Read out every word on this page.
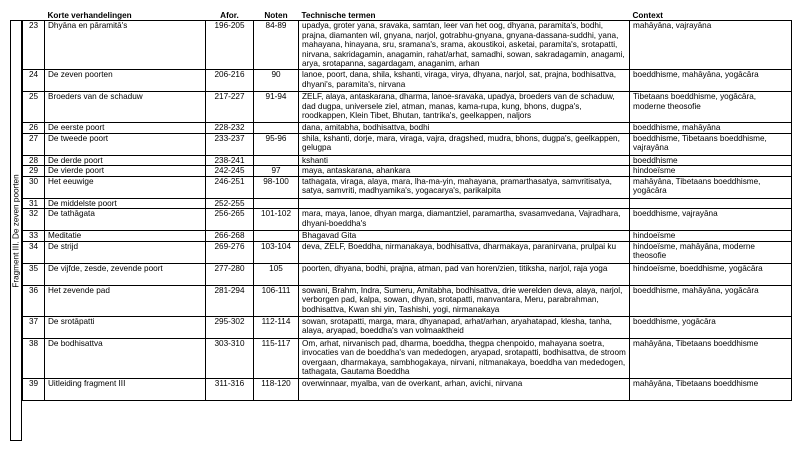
Fragment III. De zeven poorten
	Korte verhandelingen	Afor.	Noten	Technische termen	Context
23	Dhyāna en pāramitā's	196-205	84-89	upadya, groter yana, sravaka, samtan, leer van het oog, dhyana, paramita's, bodhi, prajna, diamanten wil, gnyana, narjol, gotrabhu-gnyana, gnyana-dassana-suddhi, yana, mahayana, hinayana, sru, sramana's, srama, akoustikoi, asketai, paramita's, srotapatti, nirvana, sakridagamin, anagamin, rahat/arhat, samadhi, sowan, sakradagamin, anagami, arya, srotapanna, sagardagam, anaganim, arhan	mahāyāna, vajrayāna
24	De zeven poorten	206-216	90	lanoe, poort, dana, shila, kshanti, viraga, virya, dhyana, narjol, sat, prajna, bodhisattva, dhyani's, paramita's, nirvana	boeddhisme, mahāyāna, yogācāra
25	Broeders van de schaduw	217-227	91-94	ZELF, alaya, antaskarana, dharma, lanoe-sravaka, upadya, broeders van de schaduw, dad dugpa, universele ziel, atman, manas, kama-rupa, kung, bhons, dugpa's, roodkappen, Klein Tibet, Bhutan, tantrika's, geelkappen, naljors	Tibetaans boeddhisme, yogācāra, moderne theosofie
26	De eerste poort	228-232		dana, amitabha, bodhisattva, bodhi	boeddhisme, mahāyāna
27	De tweede poort	233-237	95-96	shila, kshanti, dorje, mara, viraga, vajra, dragshed, mudra, bhons, dugpa's, geelkappen, gelugpa	boeddhisme, Tibetaans boeddhisme, vajrayāna
28	De derde poort	238-241		kshanti	boeddhisme
29	De vierde poort	242-245	97	maya, antaskarana, ahankara	hindoeïsme
30	Het eeuwige	246-251	98-100	tathagata, viraga, alaya, mara, lha-ma-yin, mahayana, pramarthasatya, samvritisatya, satya, samvriti, madhyamika's, yogacarya's, parikalpita	mahāyāna, Tibetaans boeddhisme, yogācāra
31	De middelste poort	252-255			
32	De tathāgata	256-265	101-102	mara, maya, lanoe, dhyan marga, diamantziel, paramartha, svasamvedana, Vajradhara, dhyani-boeddha's	boeddhisme, vajrayāna
33	Meditatie	266-268		Bhagavad Gita	hindoeïsme
34	De strijd	269-276	103-104	deva, ZELF, Boeddha, nirmanakaya, bodhisattva, dharmakaya, paranirvana, prulpai ku	hindoeïsme, mahāyāna, moderne theosofie
35	De vijfde, zesde, zevende poort	277-280	105	poorten, dhyana, bodhi, prajna, atman, pad van horen/zien, titiksha, narjol, raja yoga	hindoeïsme, boeddhisme, yogācāra
36	Het zevende pad	281-294	106-111	sowani, Brahm, Indra, Sumeru, Amitabha, bodhisattva, drie werelden deva, alaya, narjol, verborgen pad, kalpa, sowan, dhyan, srotapatti, manvantara, Meru, parabrahman, bodhisattva, Kwan shi yin, Tashishi, yogi, nirmanakaya	boeddhisme, mahāyāna, yogācāra
37	De srotāpatti	295-302	112-114	sowan, srotapatti, marga, mara, dhyanapad, arhat/arhan, aryahatapad, klesha, tanha, alaya, aryapad, boeddha's van volmaaktheid	boeddhisme, yogācāra
38	De bodhisattva	303-310	115-117	Om, arhat, nirvanisch pad, dharma, boeddha, thegpa chenpoido, mahayana soetra, invocaties van de boeddha's van mededogen, aryapad, srotapatti, bodhisattva, de stroom overgaan, dharmakaya, sambhogakaya, nirvani, nitmanakaya, boeddha van mededogen, tathagata, Gautama Boeddha	mahāyāna, Tibetaans boeddhisme
39	Uitleiding fragment III	311-316	118-120	overwinnaar, myalba, van de overkant, arhan, avichi, nirvana	mahāyāna, Tibetaans boeddhisme
